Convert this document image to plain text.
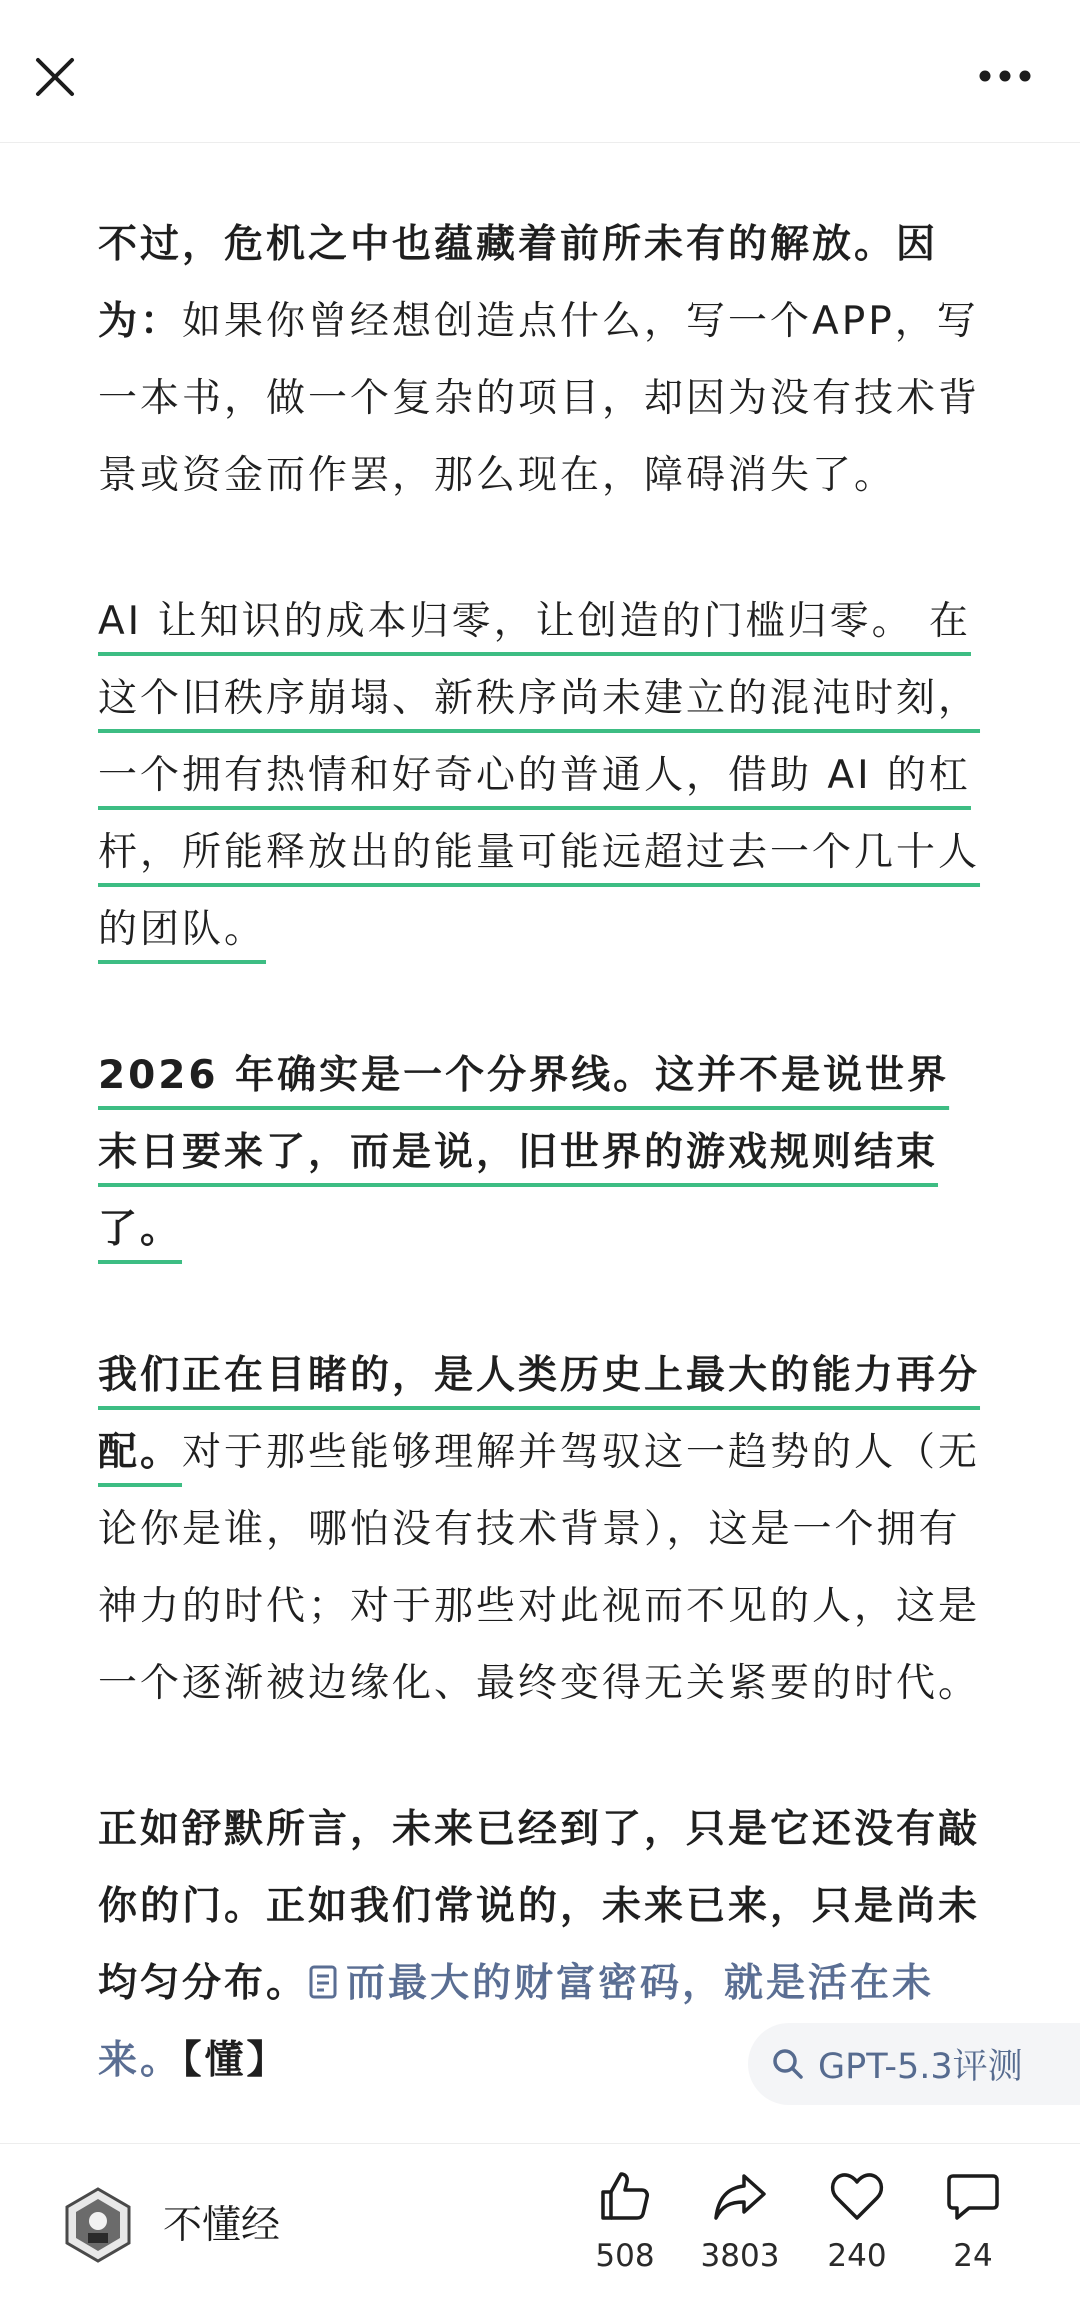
不过，危机之中也蕴藏着前所未有的解放。因为：如果你曾经想创造点什么，写一个APP，写一本书，做一个复杂的项目，却因为没有技术背景或资金而作罢，那么现在，障碍消失了。

AI 让知识的成本归零，让创造的门槛归零。 在这个旧秩序崩塌、新秩序尚未建立的混沌时刻，一个拥有热情和好奇心的普通人，借助 AI 的杠杆，所能释放出的能量可能远超过去一个几十人的团队。

2026 年确实是一个分界线。这并不是说世界末日要来了，而是说，旧世界的游戏规则结束了。

我们正在目睹的，是人类历史上最大的能力再分配。对于那些能够理解并驾驭这一趋势的人（无论你是谁，哪怕没有技术背景），这是一个拥有神力的时代；对于那些对此视而不见的人，这是一个逐渐被边缘化、最终变得无关紧要的时代。

正如舒默所言，未来已经到了，只是它还没有敲你的门。正如我们常说的，未来已来，只是尚未均匀分布。 而最大的财富密码，就是活在未来。【懂】	GPT-5.3评测
不懂经
508	3803	240	24
